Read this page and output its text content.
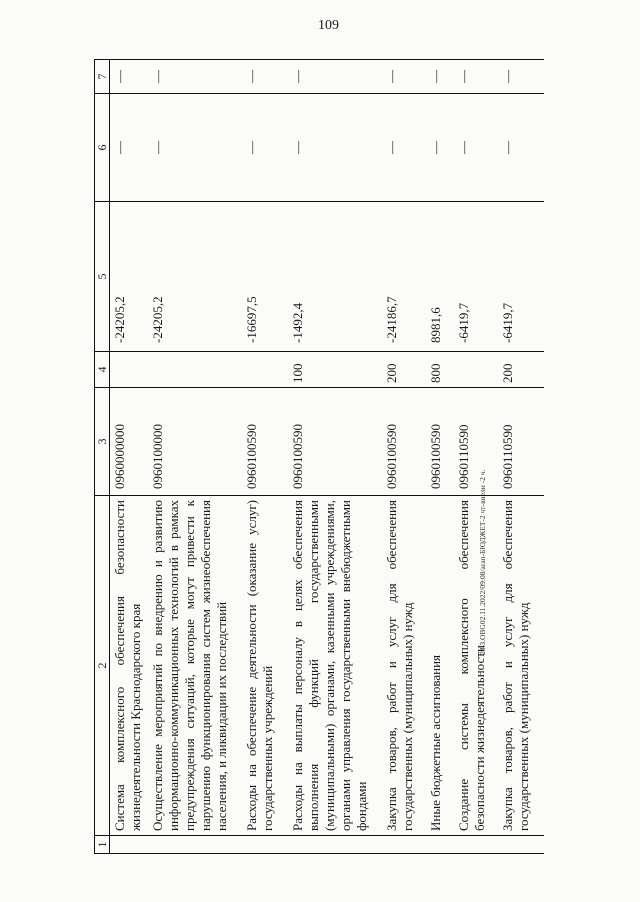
109
20.3.OBG02.11.2022/09:08/aran-БЮДЖЕТ-2 чт-виели -2 ч.
1	2	3	4	5	6	7
	Система комплексного обеспечения безопасности жизнедеятельности Краснодарского края	0960000000		-24205,2	—	—
	Осуществление мероприятий по внедрению и развитию информационно-коммуникационных технологий в рамках предупреждения ситуаций, которые могут привести к нарушению функционирования систем жизнеобеспечения населения, и ликвидации их последствий	0960100000		-24205,2	—	—
	Расходы на обеспечение деятельности (оказание услуг) государственных учреждений	0960100590		-16697,5	—	—
	Расходы на выплаты персоналу в целях обеспечения выполнения функций государственными (муниципальными) органами, казенными учреждениями, органами управления государственными внебюджетными фондами	0960100590	100	-1492,4	—	—
	Закупка товаров, работ и услуг для обеспечения государственных (муниципальных) нужд	0960100590	200	-24186,7	—	—
	Иные бюджетные ассигнования	0960100590	800	8981,6	—	—
	Создание системы комплексного обеспечения безопасности жизнедеятельности	0960110590		-6419,7	—	—
	Закупка товаров, работ и услуг для обеспечения государственных (муниципальных) нужд	0960110590	200	-6419,7	—	—
